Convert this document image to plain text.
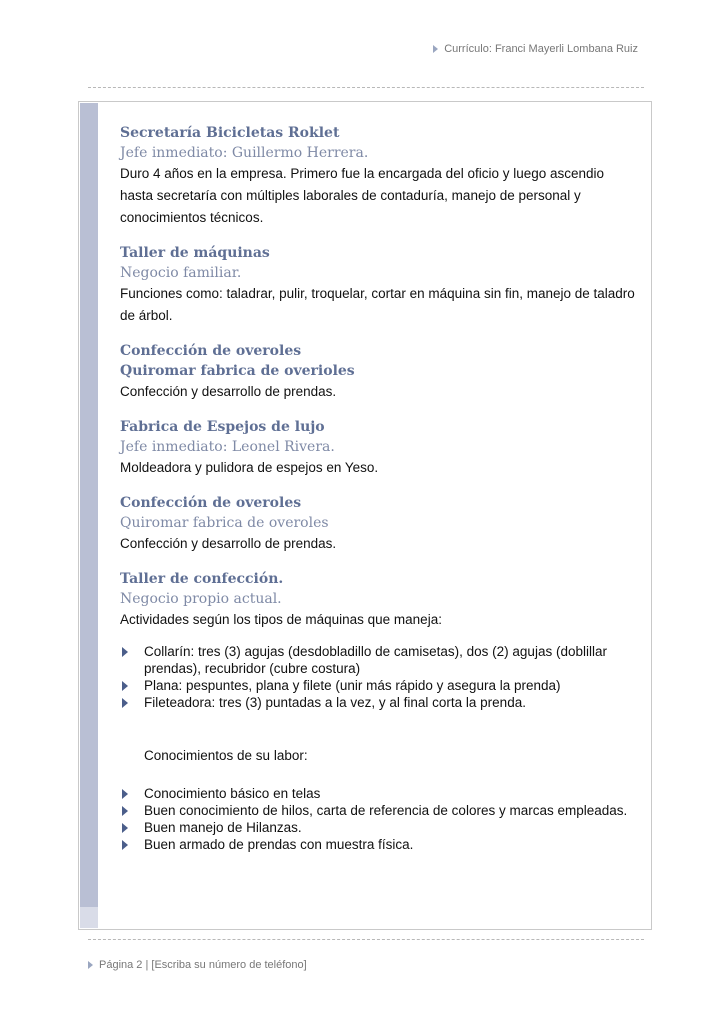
Currículo: Franci Mayerli Lombana Ruiz
Secretaría Bicicletas Roklet
Jefe inmediato: Guillermo Herrera.
Duro 4 años en la empresa. Primero fue la encargada del oficio y luego ascendio hasta secretaría con múltiples laborales de contaduría, manejo de personal y conocimientos técnicos.
Taller de máquinas
Negocio familiar.
Funciones como: taladrar, pulir, troquelar, cortar en máquina sin fin, manejo de taladro de árbol.
Confección de overoles
Quiromar fabrica de overioles
Confección y desarrollo de prendas.
Fabrica de Espejos de lujo
Jefe inmediato: Leonel Rivera.
Moldeadora y pulidora de espejos en Yeso.
Confección de overoles
Quiromar fabrica de overoles
Confección y desarrollo de prendas.
Taller de confección.
Negocio propio actual.
Actividades según los tipos de máquinas que maneja:
Collarín: tres (3) agujas (desdobladillo de camisetas), dos (2) agujas (doblillar prendas), recubridor (cubre costura)
Plana: pespuntes, plana y filete (unir más rápido y asegura la prenda)
Fileteadora: tres (3) puntadas a la vez, y al final corta la prenda.
Conocimientos de su labor:
Conocimiento básico en telas
Buen conocimiento de hilos, carta de referencia de colores y marcas empleadas.
Buen manejo de Hilanzas.
Buen armado de prendas con muestra física.
Página 2 | [Escriba su número de teléfono]
